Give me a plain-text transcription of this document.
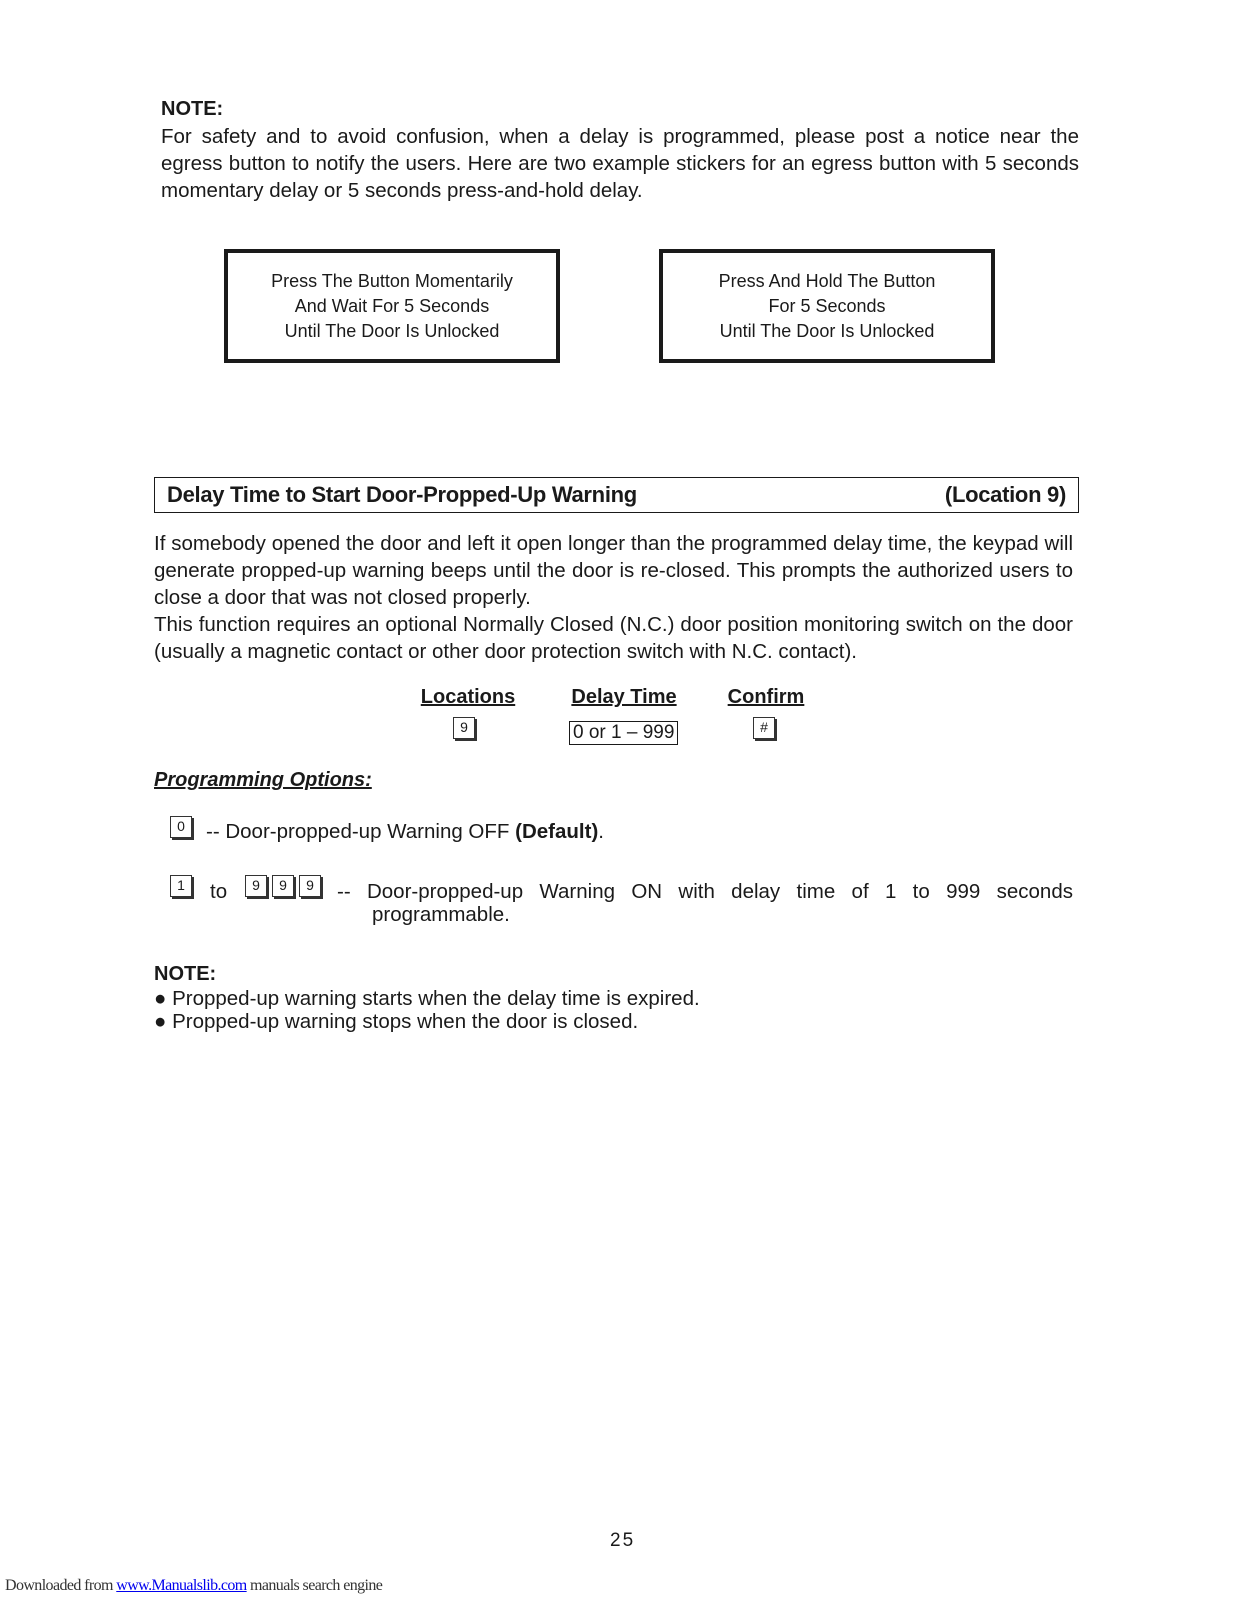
NOTE:
For safety and to avoid confusion, when a delay is programmed, please post a notice near the egress button to notify the users. Here are two example stickers for an egress button with 5 seconds momentary delay or 5 seconds press-and-hold delay.
Press The Button Momentarily
And Wait For 5 Seconds
Until The Door Is Unlocked
Press And Hold The Button
For 5 Seconds
Until The Door Is Unlocked
Delay Time to Start Door-Propped-Up Warning	(Location 9)
If somebody opened the door and left it open longer than the programmed delay time, the keypad will generate propped-up warning beeps until the door is re-closed. This prompts the authorized users to close a door that was not closed properly.
This function requires an optional Normally Closed (N.C.) door position monitoring switch on the door (usually a magnetic contact or other door protection switch with N.C. contact).
Locations	Delay Time	Confirm
9	0 or 1 – 999	#
Programming Options:
0	-- Door-propped-up Warning OFF (Default).
1	to	9	9	9	-- Door-propped-up Warning ON with delay time of 1 to 999 seconds
programmable.
NOTE:
● Propped-up warning starts when the delay time is expired.
● Propped-up warning stops when the door is closed.
25
Downloaded from www.Manualslib.com manuals search engine
